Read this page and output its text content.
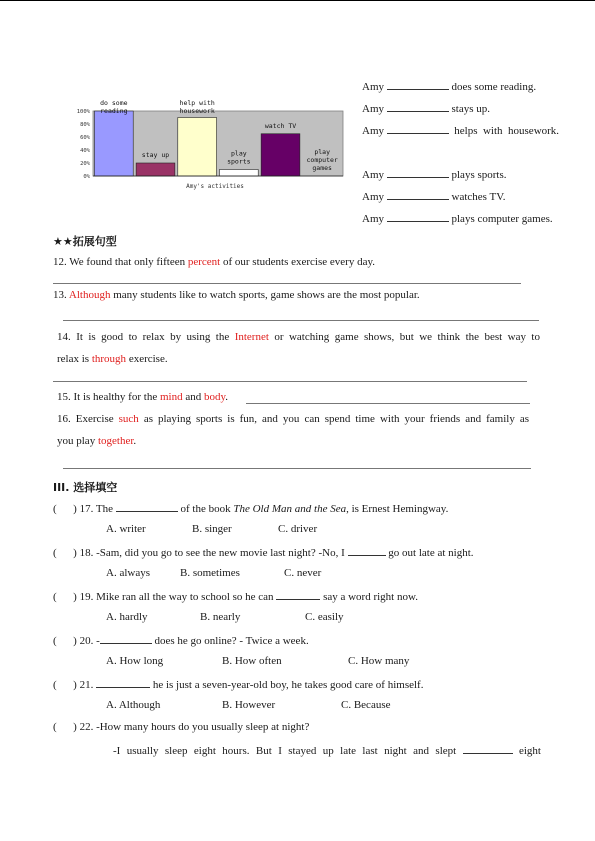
100%
80%
60%
40%
20%
0%
do some
reading
stay up
help with
housework
play
sports
watch TV
play
computer
games
Amy's activities
Amy	does some reading.
Amy	stays up.
Amy	helps  with  housework.
Amy	plays sports.
Amy	watches TV.
Amy	plays computer games.
★★拓展句型
12. We found that only fifteen percent of our students exercise every day.
13. Although many students like to watch sports, game shows are the most popular.
14. It is good to relax by using the Internet or watching game shows, but we think the best way to
relax is through exercise.
15. It is healthy for the mind and body.
16. Exercise such as playing sports is fun, and you can spend time with your friends and family as
you play together.
III. 选择填空
(      ) 17. The	of the book The Old Man and the Sea, is Ernest Hemingway.
A. writer	B. singer	C. driver
(      ) 18. -Sam, did you go to see the new movie last night? -No, I	go out late at night.
A. always	B. sometimes	C. never
(      ) 19. Mike ran all the way to school so he can	say a word right now.
A. hardly	B. nearly	C. easily
(      ) 20. -	does he go online? - Twice a week.
A. How long	B. How often	C. How many
(      ) 21.	he is just a seven-year-old boy, he takes good care of himself.
A. Although	B. However	C. Because
(      ) 22. -How many hours do you usually sleep at night?
-I usually sleep eight hours. But I stayed up late last night and slept	eight
